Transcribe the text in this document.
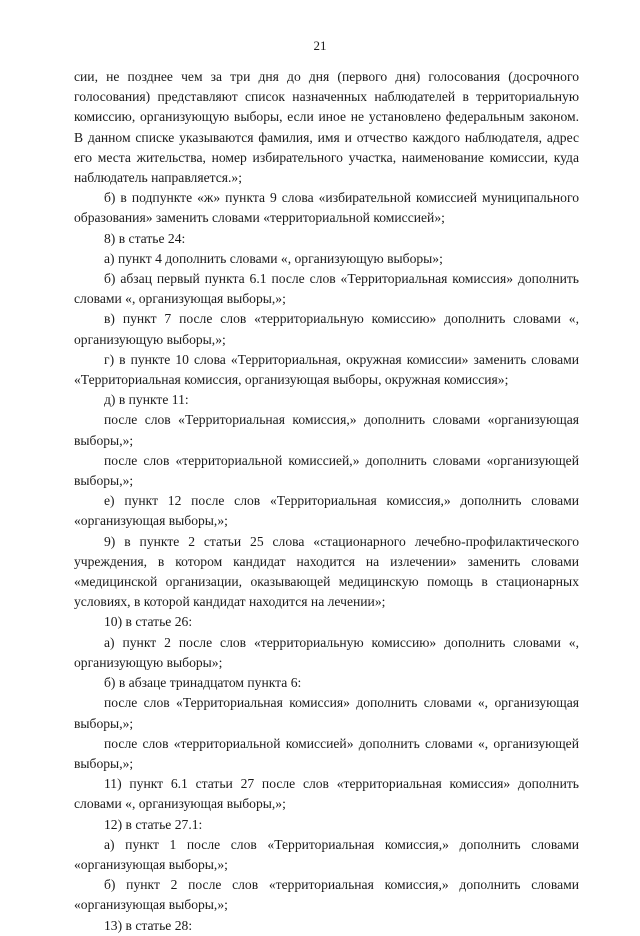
21

сии, не позднее чем за три дня до дня (первого дня) голосования (досрочного голосования) представляют список назначенных наблюдателей в территориальную комиссию, организующую выборы, если иное не установлено федеральным законом. В данном списке указываются фамилия, имя и отчество каждого наблюдателя, адрес его места жительства, номер избирательного участка, наименование комиссии, куда наблюдатель направляется.»;

б) в подпункте «ж» пункта 9 слова «избирательной комиссией муниципального образования» заменить словами «территориальной комиссией»;

8) в статье 24:

а) пункт 4 дополнить словами «, организующую выборы»;

б) абзац первый пункта 6.1 после слов «Территориальная комиссия» дополнить словами «, организующая выборы,»;

в) пункт 7 после слов «территориальную комиссию» дополнить словами «, организующую выборы,»;

г) в пункте 10 слова «Территориальная, окружная комиссии» заменить словами «Территориальная комиссия, организующая выборы, окружная комиссия»;

д) в пункте 11:

после слов «Территориальная комиссия,» дополнить словами «организующая выборы,»;

после слов «территориальной комиссией,» дополнить словами «организующей выборы,»;

е) пункт 12 после слов «Территориальная комиссия,» дополнить словами «организующая выборы,»;

9) в пункте 2 статьи 25 слова «стационарного лечебно-профилактического учреждения, в котором кандидат находится на излечении» заменить словами «медицинской организации, оказывающей медицинскую помощь в стационарных условиях, в которой кандидат находится на лечении»;

10) в статье 26:

а) пункт 2 после слов «территориальную комиссию» дополнить словами «, организующую выборы»;

б) в абзаце тринадцатом пункта 6:

после слов «Территориальная комиссия» дополнить словами «, организующая выборы,»;

после слов «территориальной комиссией» дополнить словами «, организующей выборы,»;

11) пункт 6.1 статьи 27 после слов «территориальная комиссия» дополнить словами «, организующая выборы,»;

12) в статье 27.1:

а) пункт 1 после слов «Территориальная комиссия,» дополнить словами «организующая выборы,»;

б) пункт 2 после слов «территориальная комиссия,» дополнить словами «организующая выборы,»;

13) в статье 28:
